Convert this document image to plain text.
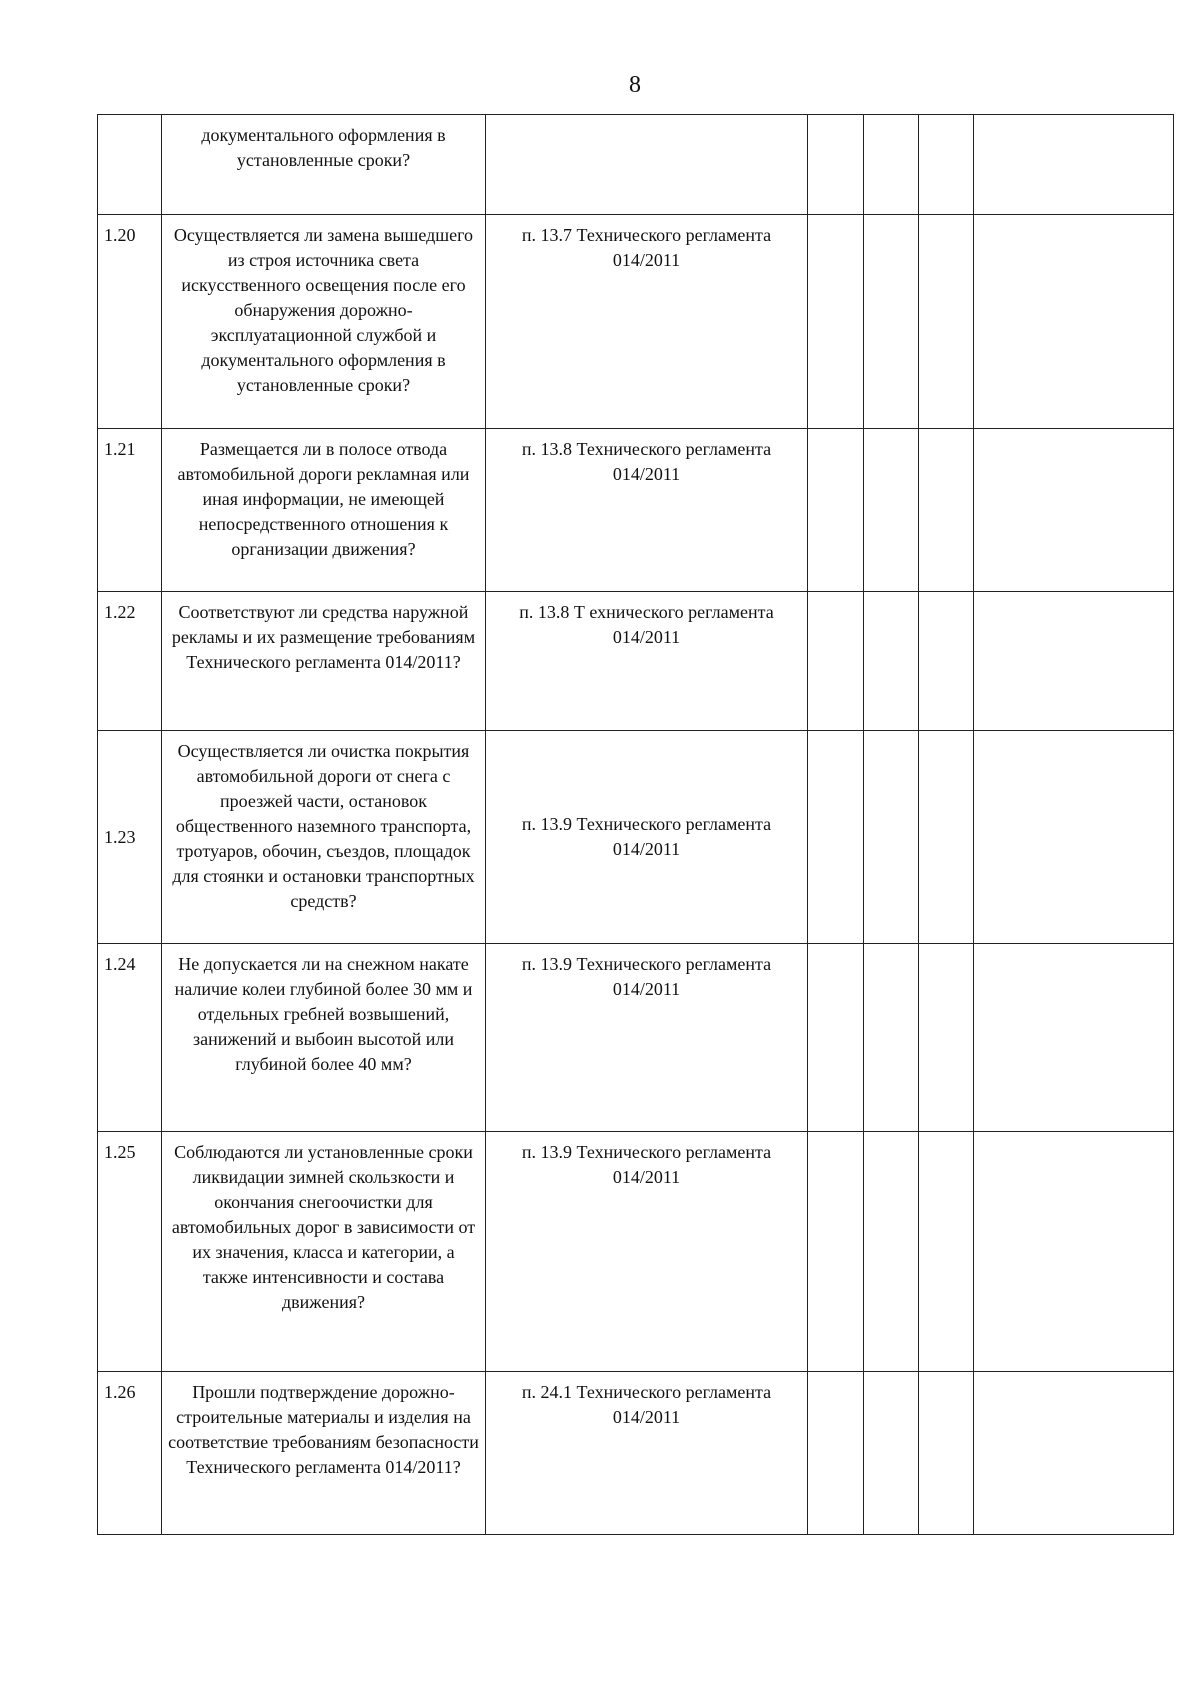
8
	документального оформления в установленные сроки?					
1.20	Осуществляется ли замена вышедшего из строя источника света искусственного освещения после его обнаружения дорожно-эксплуатационной службой и документального оформления в установленные сроки?	п. 13.7 Технического регламента 014/2011				
1.21	Размещается ли в полосе отвода автомобильной дороги рекламная или иная информации, не имеющей непосредственного отношения к организации движения?	п. 13.8 Технического регламента 014/2011				
1.22	Соответствуют ли средства наружной рекламы и их размещение требованиям Технического регламента 014/2011?	п. 13.8 Т ехнического регламента 014/2011				
1.23	Осуществляется ли очистка покрытия автомобильной дороги от снега с проезжей части, остановок общественного наземного транспорта, тротуаров, обочин, съездов, площадок для стоянки и остановки транспортных средств?	п. 13.9 Технического регламента 014/2011				
1.24	Не допускается ли на снежном накате наличие колеи глубиной более 30 мм и отдельных гребней возвышений, занижений и выбоин высотой или глубиной более 40 мм?	п. 13.9 Технического регламента 014/2011				
1.25	Соблюдаются ли установленные сроки ликвидации зимней скользкости и окончания снегоочистки для автомобильных дорог в зависимости от их значения, класса и категории, а также интенсивности и состава движения?	п. 13.9 Технического регламента 014/2011				
1.26	Прошли подтверждение дорожно-строительные материалы и изделия на соответствие требованиям безопасности Технического регламента 014/2011?	п. 24.1 Технического регламента 014/2011				
